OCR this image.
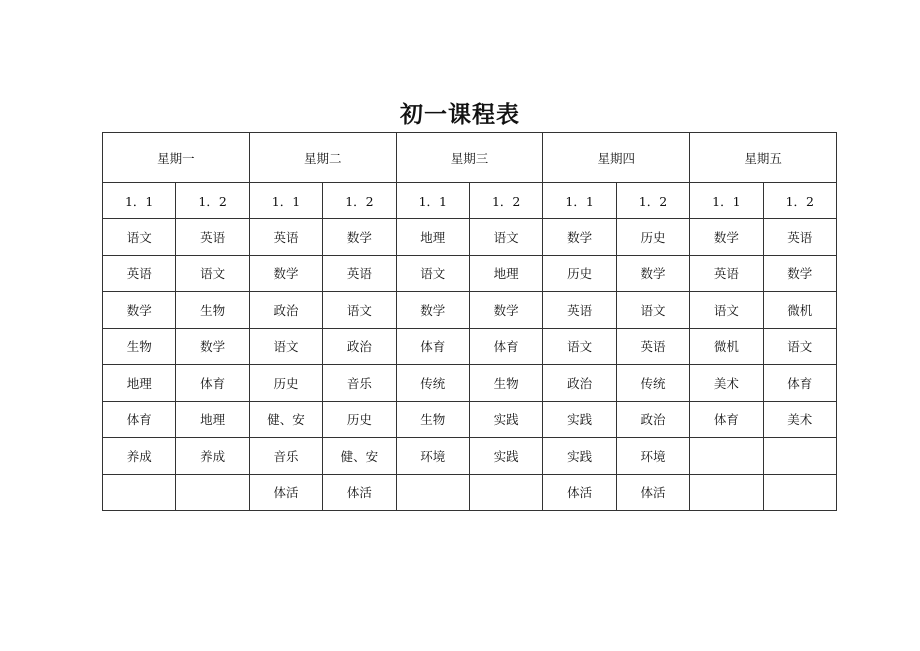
初一课程表
星期一		星期二		星期三		星期四		星期五	
1．1	1．2	1．1	1．2	1．1	1．2	1．1	1．2	1．1	1．2
语文	英语	英语	数学	地理	语文	数学	历史	数学	英语
英语	语文	数学	英语	语文	地理	历史	数学	英语	数学
数学	生物	政治	语文	数学	数学	英语	语文	语文	微机
生物	数学	语文	政治	体育	体育	语文	英语	微机	语文
地理	体育	历史	音乐	传统	生物	政治	传统	美术	体育
体育	地理	健、安	历史	生物	实践	实践	政治	体育	美术
养成	养成	音乐	健、安	环境	实践	实践	环境		
		体活	体活			体活	体活		
